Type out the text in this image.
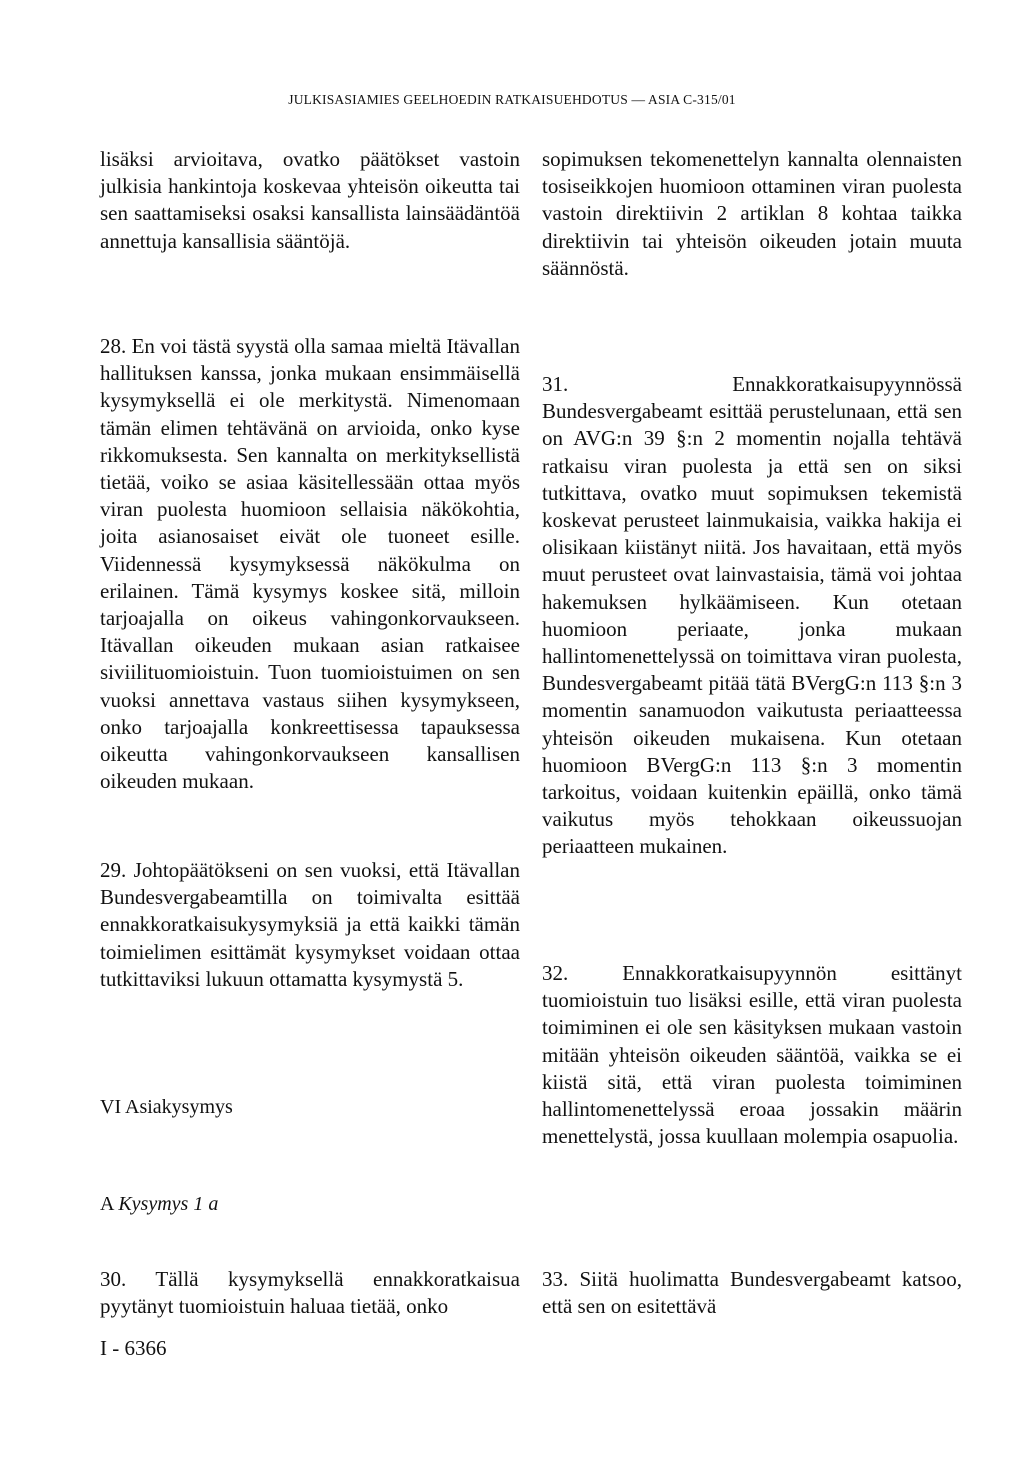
JULKISASIAMIES GEELHOEDIN RATKAISUEHDOTUS — ASIA C-315/01

lisäksi arvioitava, ovatko päätökset vastoin julkisia hankintoja koskevaa yhteisön oikeutta tai sen saattamiseksi osaksi kansallista lainsäädäntöä annettuja kansallisia sääntöjä.

28. En voi tästä syystä olla samaa mieltä Itävallan hallituksen kanssa, jonka mukaan ensimmäisellä kysymyksellä ei ole merkitystä. Nimenomaan tämän elimen tehtävänä on arvioida, onko kyse rikkomuksesta. Sen kannalta on merkityksellistä tietää, voiko se asiaa käsitellessään ottaa myös viran puolesta huomioon sellaisia näkökohtia, joita asianosaiset eivät ole tuoneet esille. Viidennessä kysymyksessä näkökulma on erilainen. Tämä kysymys koskee sitä, milloin tarjoajalla on oikeus vahingonkorvaukseen. Itävallan oikeuden mukaan asian ratkaisee siviilituomioistuin. Tuon tuomioistuimen on sen vuoksi annettava vastaus siihen kysymykseen, onko tarjoajalla konkreettisessa tapauksessa oikeutta vahingonkorvaukseen kansallisen oikeuden mukaan.

29. Johtopäätökseni on sen vuoksi, että Itävallan Bundesvergabeamtilla on toimivalta esittää ennakkoratkaisukysymyksiä ja että kaikki tämän toimielimen esittämät kysymykset voidaan ottaa tutkittaviksi lukuun ottamatta kysymystä 5.

VI Asiakysymys
A Kysymys 1 a

30. Tällä kysymyksellä ennakkoratkaisua pyytänyt tuomioistuin haluaa tietää, onko

sopimuksen tekomenettelyn kannalta olennaisten tosiseikkojen huomioon ottaminen viran puolesta vastoin direktiivin 2 artiklan 8 kohtaa taikka direktiivin tai yhteisön oikeuden jotain muuta säännöstä.

31. Ennakkoratkaisupyynnössä Bundesvergabeamt esittää perustelunaan, että sen on AVG:n 39 §:n 2 momentin nojalla tehtävä ratkaisu viran puolesta ja että sen on siksi tutkittava, ovatko muut sopimuksen tekemistä koskevat perusteet lainmukaisia, vaikka hakija ei olisikaan kiistänyt niitä. Jos havaitaan, että myös muut perusteet ovat lainvastaisia, tämä voi johtaa hakemuksen hylkäämiseen. Kun otetaan huomioon periaate, jonka mukaan hallintomenettelyssä on toimittava viran puolesta, Bundesvergabeamt pitää tätä BVergG:n 113 §:n 3 momentin sanamuodon vaikutusta periaatteessa yhteisön oikeuden mukaisena. Kun otetaan huomioon BVergG:n 113 §:n 3 momentin tarkoitus, voidaan kuitenkin epäillä, onko tämä vaikutus myös tehokkaan oikeussuojan periaatteen mukainen.

32. Ennakkoratkaisupyynnön esittänyt tuomioistuin tuo lisäksi esille, että viran puolesta toimiminen ei ole sen käsityksen mukaan vastoin mitään yhteisön oikeuden sääntöä, vaikka se ei kiistä sitä, että viran puolesta toimiminen hallintomenettelyssä eroaa jossakin määrin menettelystä, jossa kuullaan molempia osapuolia.

33. Siitä huolimatta Bundesvergabeamt katsoo, että sen on esitettävä

I - 6366
